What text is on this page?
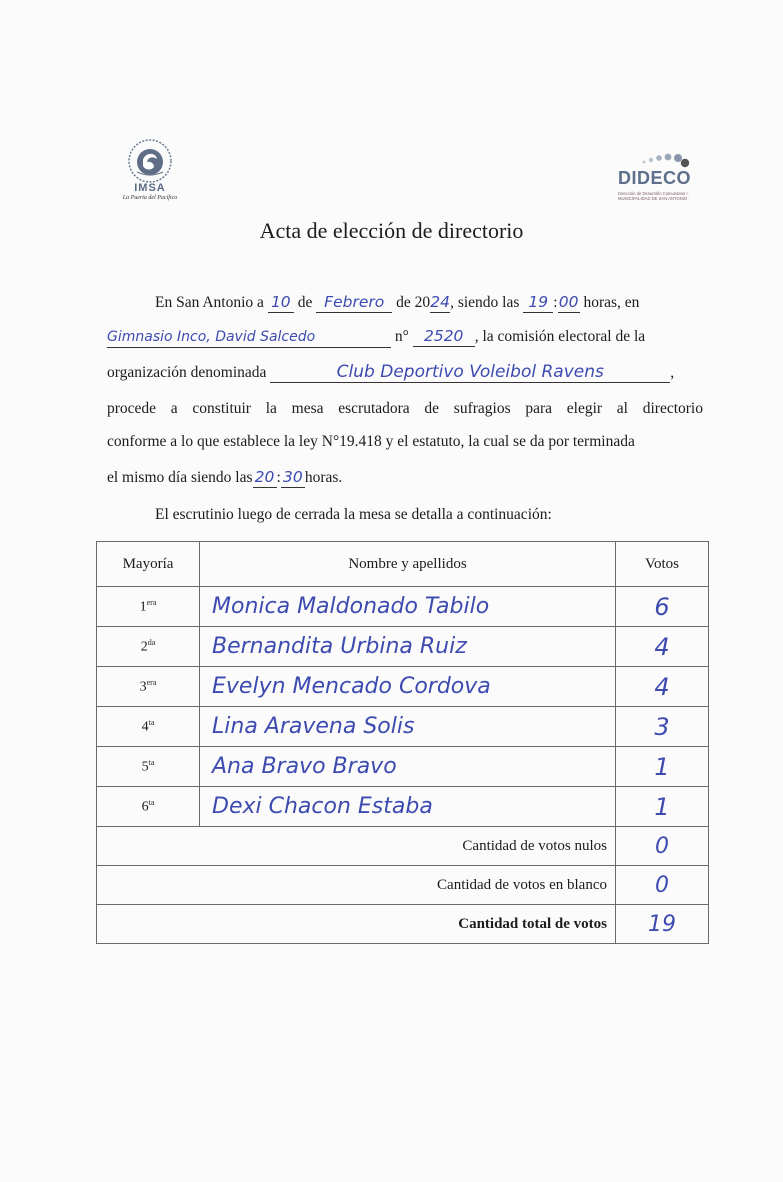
IMSA
La Puerta del Pacífico
DIDECO
Dirección de Desarrollo Comunitario I. MUNICIPALIDAD DE SAN ANTONIO
Acta de elección de directorio
En San Antonio a 10 de Febrero de 2024, siendo las 19 :00 horas, en
Gimnasio Inco, David Salcedo	n° 2520 , la comisión electoral de la
organización denominada	Club Deportivo Voleibol Ravens	,
procede a constituir la mesa escrutadora de sufragios para elegir al directorio
conforme a lo que establece la ley N°19.418 y el estatuto, la cual se da por terminada
el mismo día siendo las 20 : 30 horas.
El escrutinio luego de cerrada la mesa se detalla a continuación:
Mayoría	Nombre y apellidos	Votos
$1^{era}$	Monica Maldonado Tabilo	6
$2^{da}$	Bernandita Urbina Ruiz	4
$3^{era}$	Evelyn Mencado Cordova	4
$4^{ta}$	Lina Aravena Solis	3
$5^{ta}$	Ana Bravo Bravo	1
$6^{ta}$	Dexi Chacon Estaba	1
Cantidad de votos nulos		0
Cantidad de votos en blanco		0
Cantidad total de votos		19
